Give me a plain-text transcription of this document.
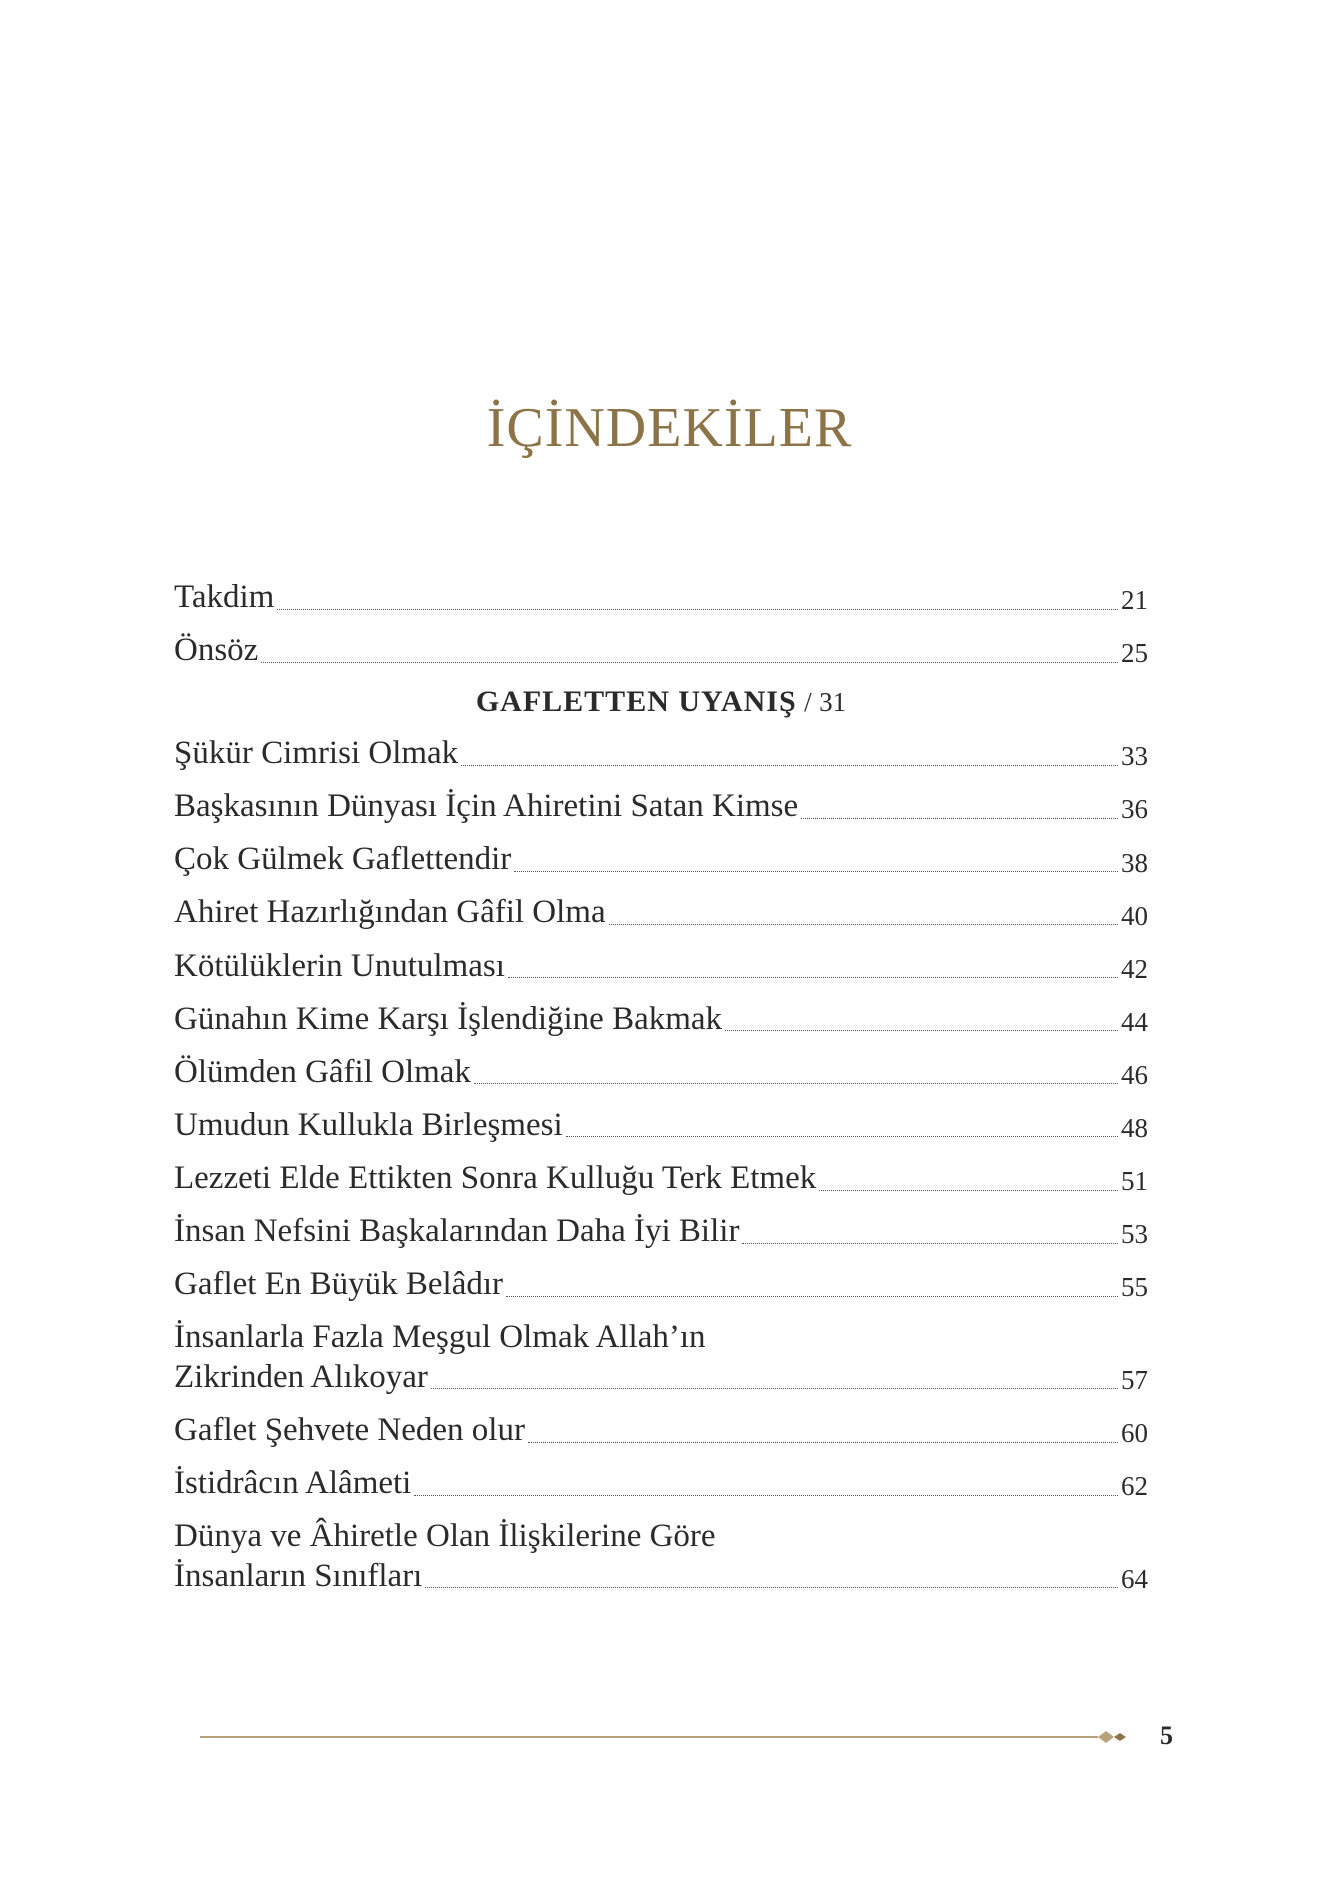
İÇİNDEKİLER
Takdim	21
Önsöz	25
GAFLETTEN UYANIŞ / 31
Şükür Cimrisi Olmak	33
Başkasının Dünyası İçin Ahiretini Satan Kimse	36
Çok Gülmek Gaflettendir	38
Ahiret Hazırlığından Gâfil Olma	40
Kötülüklerin Unutulması	42
Günahın Kime Karşı İşlendiğine Bakmak	44
Ölümden Gâfil Olmak	46
Umudun Kullukla Birleşmesi	48
Lezzeti Elde Ettikten Sonra Kulluğu Terk Etmek	51
İnsan Nefsini Başkalarından Daha İyi Bilir	53
Gaflet En Büyük Belâdır	55
İnsanlarla Fazla Meşgul Olmak Allah’ın
Zikrinden Alıkoyar	57
Gaflet Şehvete Neden olur	60
İstidrâcın Alâmeti	62
Dünya ve Âhiretle Olan İlişkilerine Göre
İnsanların Sınıfları	64
5
